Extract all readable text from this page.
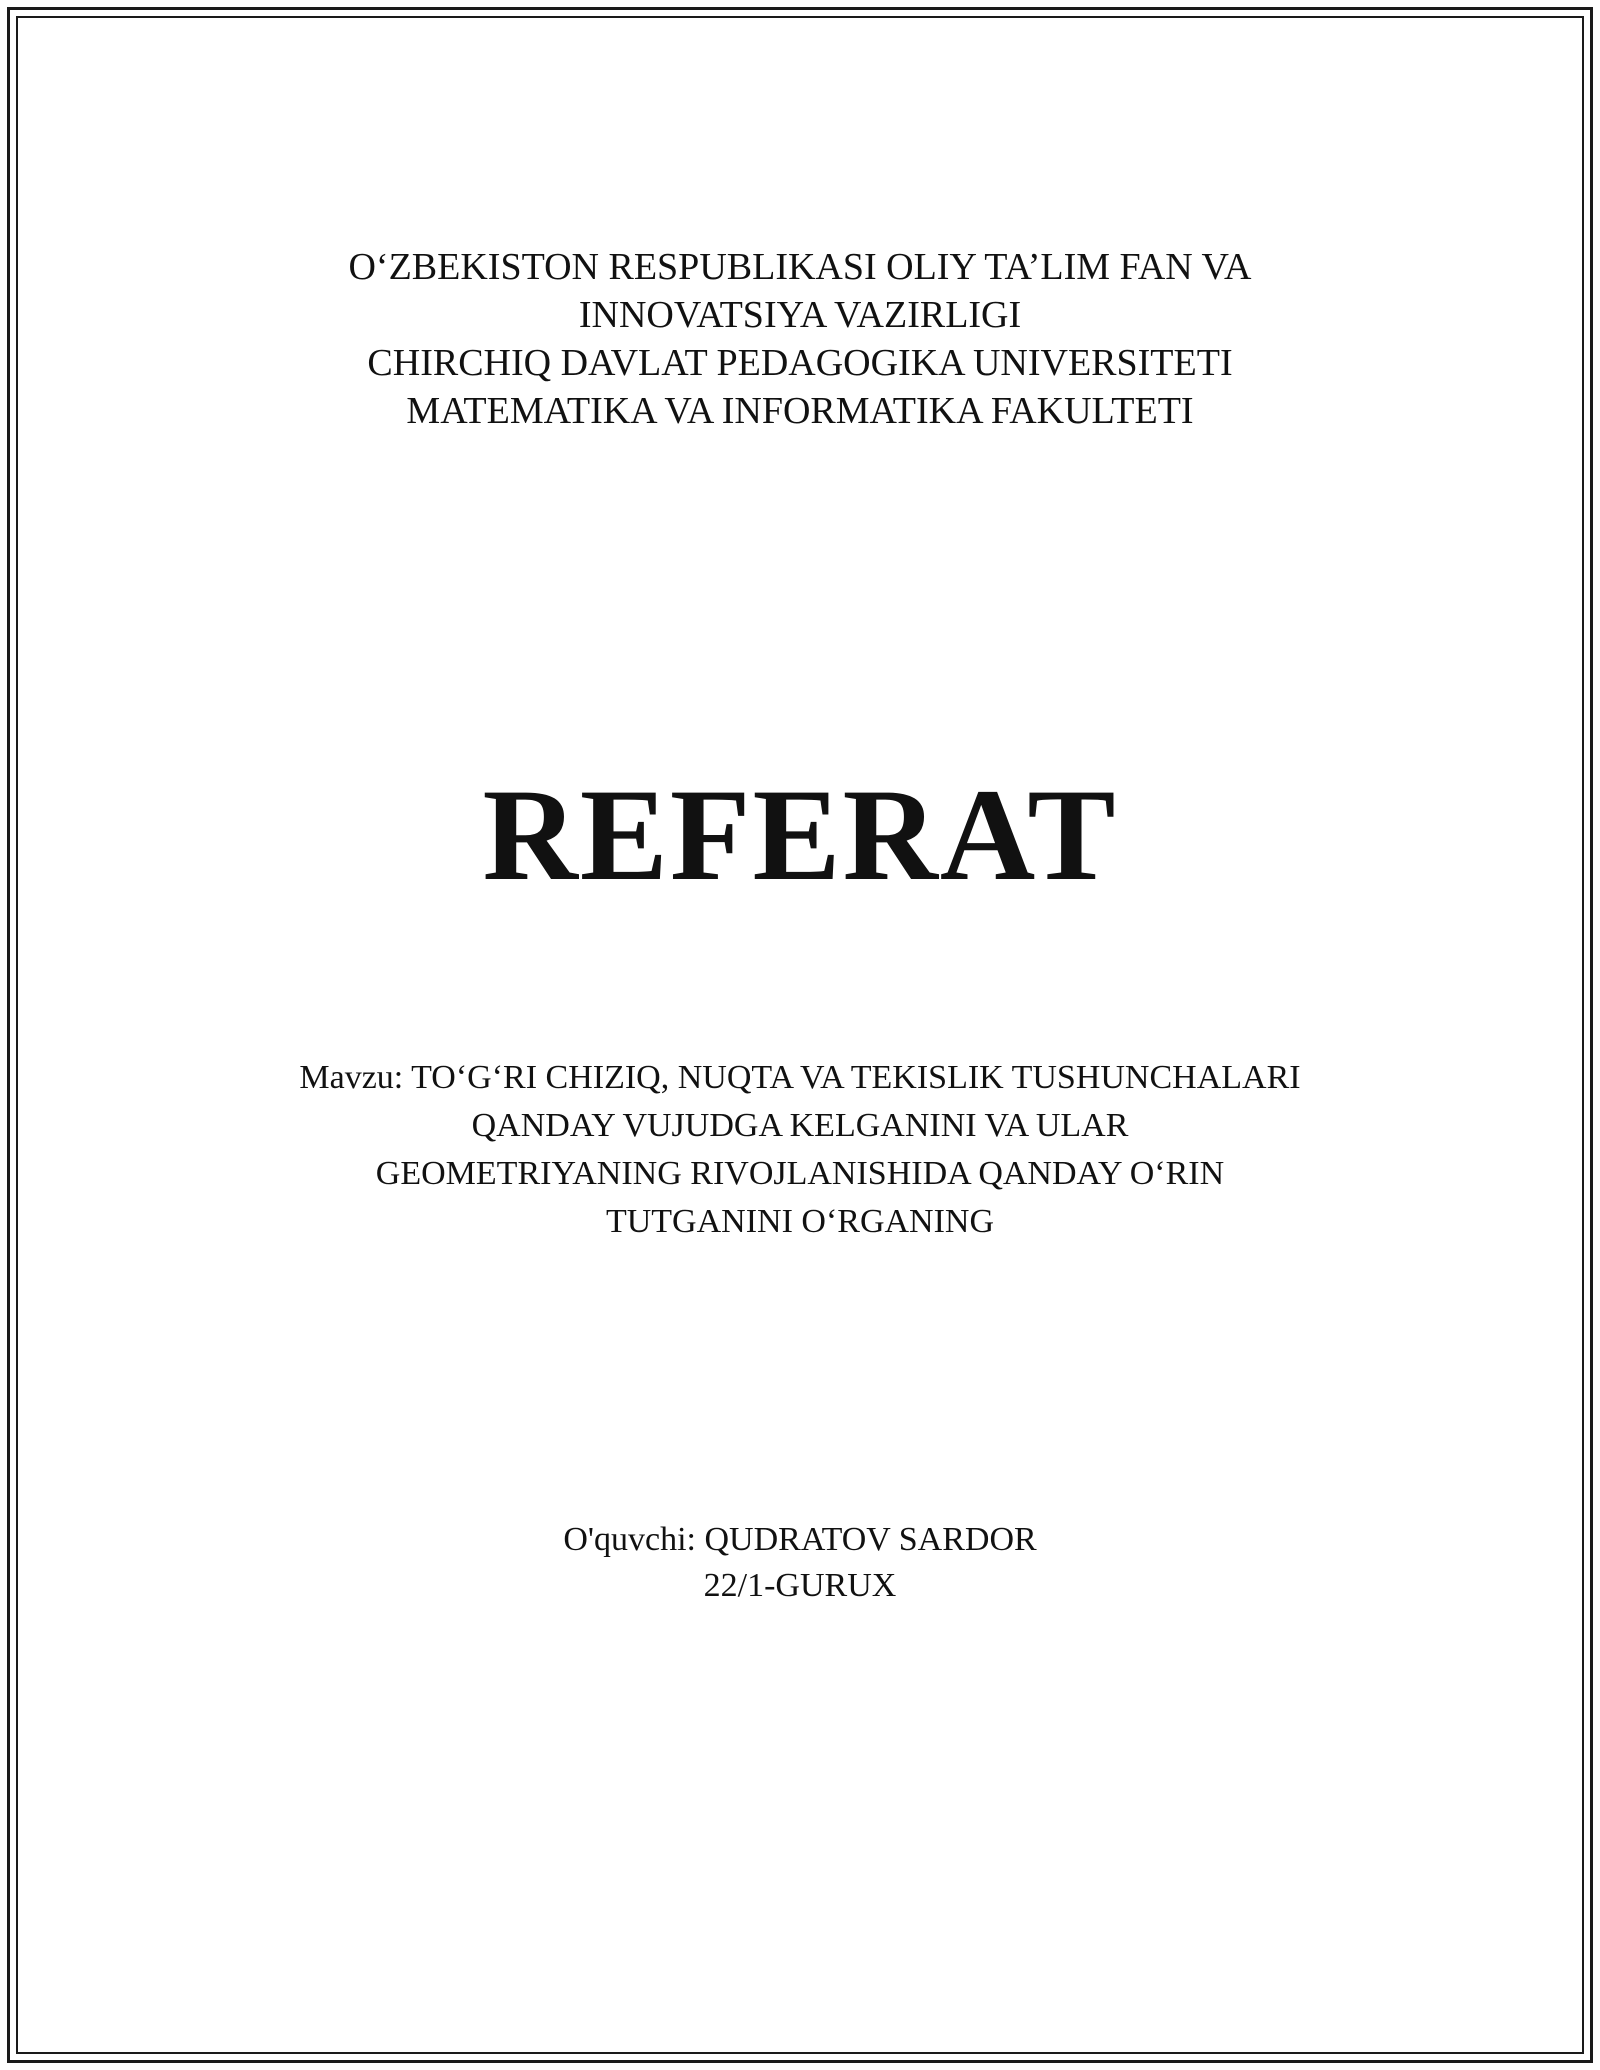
O‘ZBEKISTON RESPUBLIKASI OLIY TA’LIM FAN VA
INNOVATSIYA VAZIRLIGI
CHIRCHIQ DAVLAT PEDAGOGIKA UNIVERSITETI
MATEMATIKA VA INFORMATIKA FAKULTETI
REFERAT
Mavzu: TO‘G‘RI CHIZIQ, NUQTA VA TEKISLIK TUSHUNCHALARI
QANDAY VUJUDGA KELGANINI VA ULAR
GEOMETRIYANING RIVOJLANISHIDA QANDAY O‘RIN
TUTGANINI O‘RGANING
O'quvchi: QUDRATOV SARDOR
22/1-GURUX
